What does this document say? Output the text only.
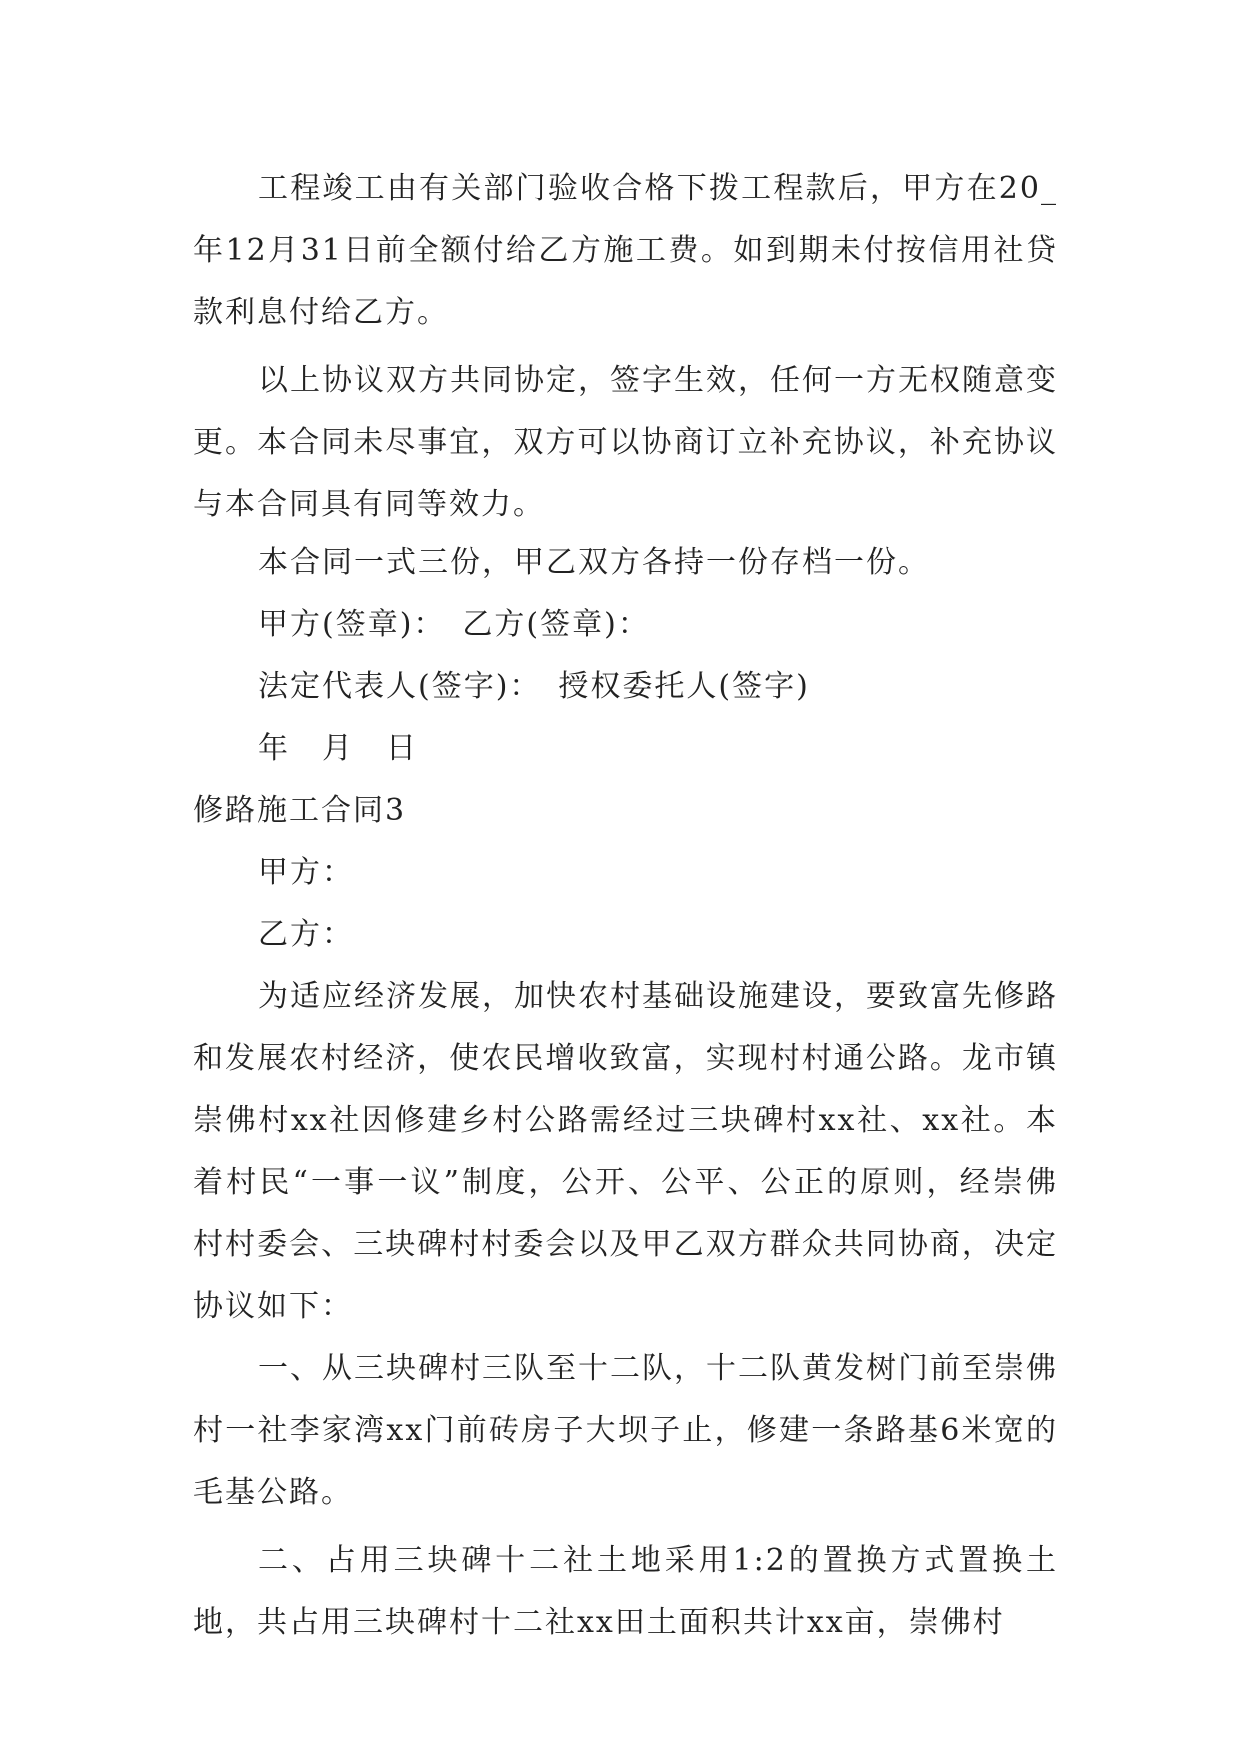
工程竣工由有关部门验收合格下拨工程款后，甲方在20_年12月31日前全额付给乙方施工费。如到期未付按信用社贷款利息付给乙方。

以上协议双方共同协定，签字生效，任何一方无权随意变更。本合同未尽事宜，双方可以协商订立补充协议，补充协议与本合同具有同等效力。

本合同一式三份，甲乙双方各持一份存档一份。

甲方(签章)：　乙方(签章)：

法定代表人(签字)：　授权委托人(签字)

年　月　日

修路施工合同3

甲方：

乙方：

为适应经济发展，加快农村基础设施建设，要致富先修路和发展农村经济，使农民增收致富，实现村村通公路。龙市镇崇佛村xx社因修建乡村公路需经过三块碑村xx社、xx社。本着村民“一事一议”制度，公开、公平、公正的原则，经崇佛村村委会、三块碑村村委会以及甲乙双方群众共同协商，决定协议如下：

一、从三块碑村三队至十二队，十二队黄发树门前至崇佛村一社李家湾xx门前砖房子大坝子止，修建一条路基6米宽的毛基公路。

二、占用三块碑十二社土地采用1:2的置换方式置换土地，共占用三块碑村十二社xx田土面积共计xx亩，崇佛村
